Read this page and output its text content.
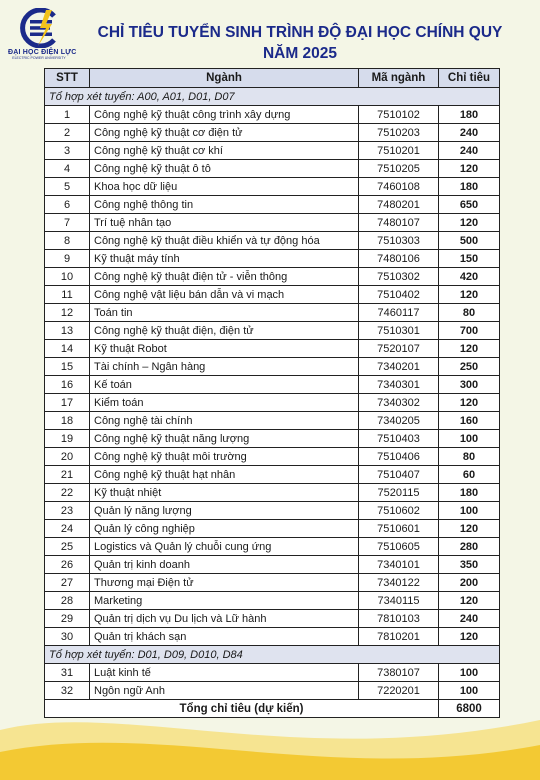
ĐẠI HỌC ĐIỆN LỰC
ELECTRIC POWER UNIVERSITY
CHỈ TIÊU TUYỂN SINH TRÌNH ĐỘ ĐẠI HỌC CHÍNH QUY
NĂM 2025
STT	Ngành	Mã ngành	Chỉ tiêu
Tổ hợp xét tuyển: A00, A01, D01, D07			
1	Công nghệ kỹ thuật công trình xây dựng	7510102	180
2	Công nghệ kỹ thuật cơ điện tử	7510203	240
3	Công nghệ kỹ thuật cơ khí	7510201	240
4	Công nghệ kỹ thuật ô tô	7510205	120
5	Khoa học dữ liệu	7460108	180
6	Công nghệ thông tin	7480201	650
7	Trí tuệ nhân tạo	7480107	120
8	Công nghệ kỹ thuật điều khiển và tự động hóa	7510303	500
9	Kỹ thuật máy tính	7480106	150
10	Công nghệ kỹ thuật điện tử - viễn thông	7510302	420
11	Công nghệ vật liệu bán dẫn và vi mạch	7510402	120
12	Toán tin	7460117	80
13	Công nghệ kỹ thuật điện, điện tử	7510301	700
14	Kỹ thuật Robot	7520107	120
15	Tài chính – Ngân hàng	7340201	250
16	Kế toán	7340301	300
17	Kiểm toán	7340302	120
18	Công nghệ tài chính	7340205	160
19	Công nghệ kỹ thuật năng lượng	7510403	100
20	Công nghệ kỹ thuật môi trường	7510406	80
21	Công nghệ kỹ thuật hạt nhân	7510407	60
22	Kỹ thuật nhiệt	7520115	180
23	Quản lý năng lượng	7510602	100
24	Quản lý công nghiệp	7510601	120
25	Logistics và Quản lý chuỗi cung ứng	7510605	280
26	Quản trị kinh doanh	7340101	350
27	Thương mại Điện tử	7340122	200
28	Marketing	7340115	120
29	Quản trị dịch vụ Du lịch và Lữ hành	7810103	240
30	Quản trị khách sạn	7810201	120
Tổ hợp xét tuyển: D01, D09, D010, D84			
31	Luật kinh tế	7380107	100
32	Ngôn ngữ Anh	7220201	100
Tổng chỉ tiêu (dự kiến)			6800
